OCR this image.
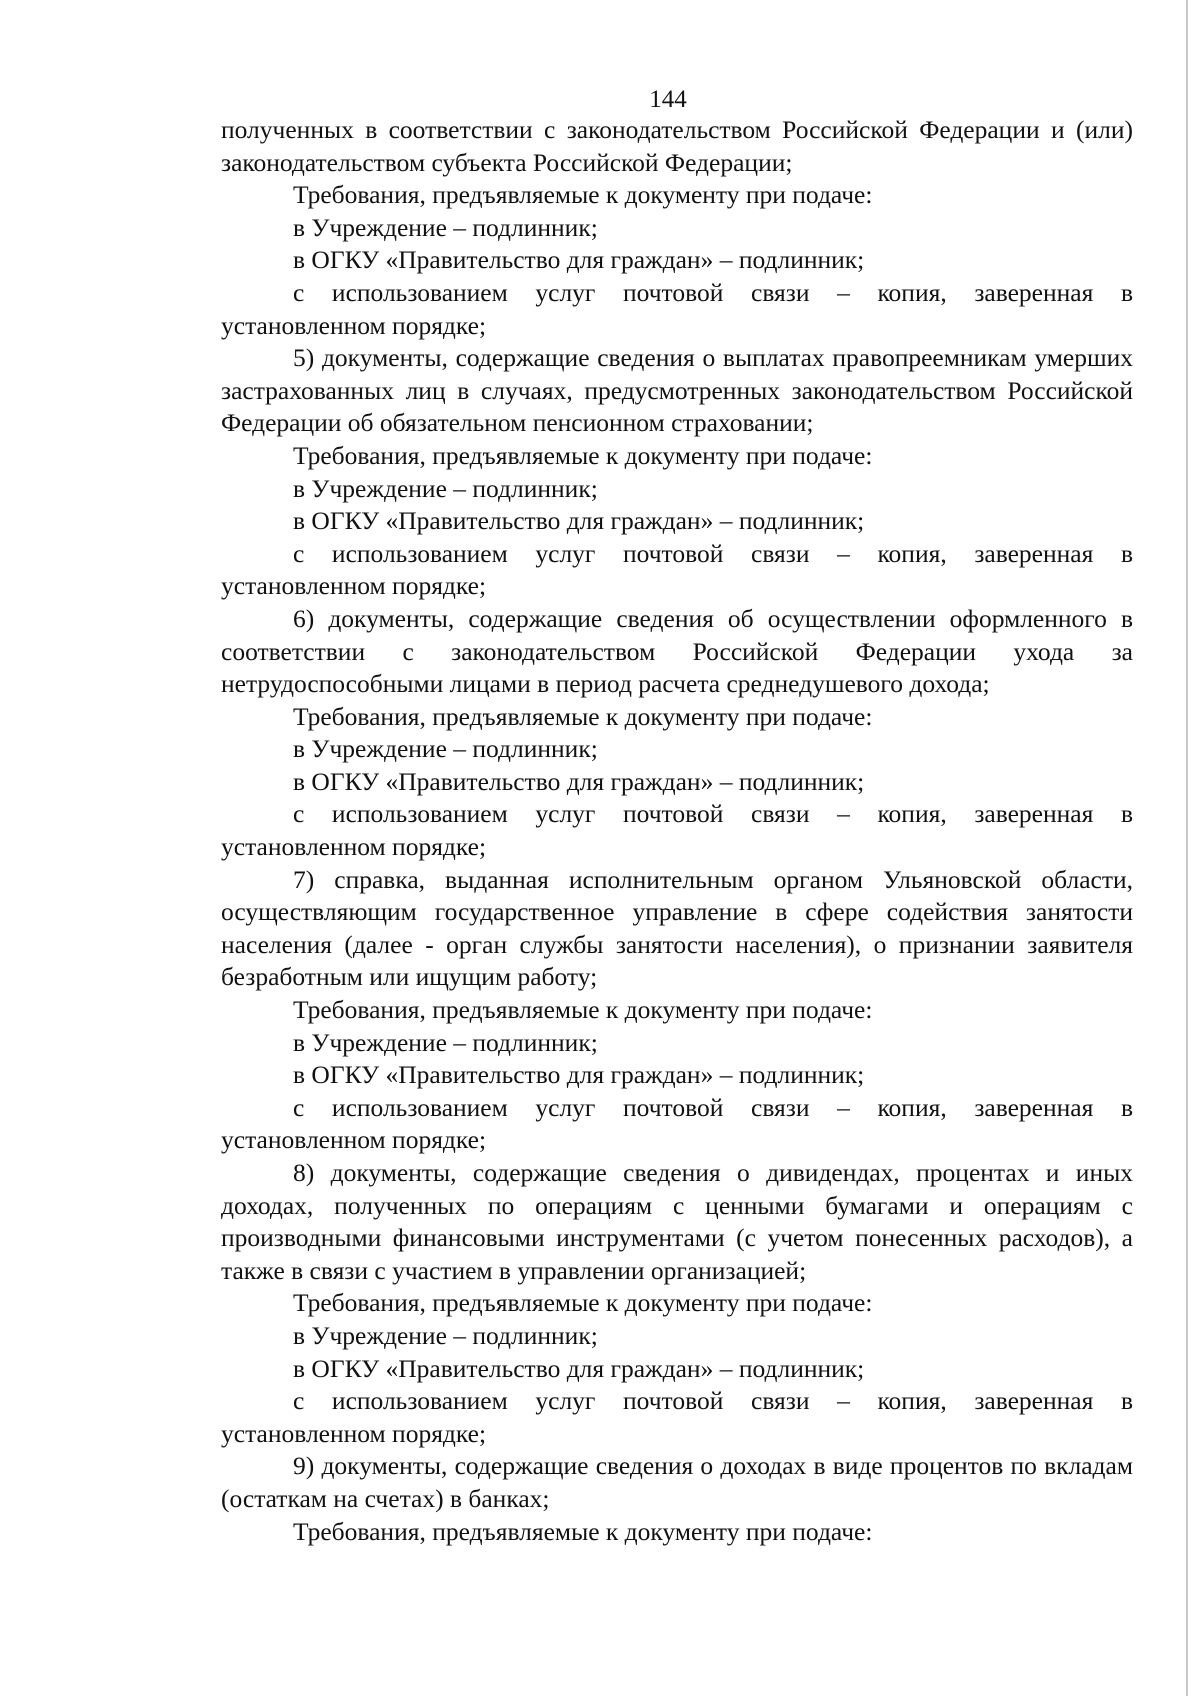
144

полученных в соответствии с законодательством Российской Федерации и (или) законодательством субъекта Российской Федерации;

Требования, предъявляемые к документу при подаче:

в Учреждение – подлинник;

в ОГКУ «Правительство для граждан» – подлинник;

с использованием услуг почтовой связи – копия, заверенная в установленном порядке;

5) документы, содержащие сведения о выплатах правопреемникам умерших застрахованных лиц в случаях, предусмотренных законодательством Российской Федерации об обязательном пенсионном страховании;

Требования, предъявляемые к документу при подаче:

в Учреждение – подлинник;

в ОГКУ «Правительство для граждан» – подлинник;

с использованием услуг почтовой связи – копия, заверенная в установленном порядке;

6) документы, содержащие сведения об осуществлении оформленного в соответствии с законодательством Российской Федерации ухода за нетрудоспособными лицами в период расчета среднедушевого дохода;

Требования, предъявляемые к документу при подаче:

в Учреждение – подлинник;

в ОГКУ «Правительство для граждан» – подлинник;

с использованием услуг почтовой связи – копия, заверенная в установленном порядке;

7) справка, выданная исполнительным органом Ульяновской области, осуществляющим государственное управление в сфере содействия занятости населения (далее - орган службы занятости населения), о признании заявителя безработным или ищущим работу;

Требования, предъявляемые к документу при подаче:

в Учреждение – подлинник;

в ОГКУ «Правительство для граждан» – подлинник;

с использованием услуг почтовой связи – копия, заверенная в установленном порядке;

8) документы, содержащие сведения о дивидендах, процентах и иных доходах, полученных по операциям с ценными бумагами и операциям с производными финансовыми инструментами (с учетом понесенных расходов), а также в связи с участием в управлении организацией;

Требования, предъявляемые к документу при подаче:

в Учреждение – подлинник;

в ОГКУ «Правительство для граждан» – подлинник;

с использованием услуг почтовой связи – копия, заверенная в установленном порядке;

9) документы, содержащие сведения о доходах в виде процентов по вкладам (остаткам на счетах) в банках;

Требования, предъявляемые к документу при подаче:
